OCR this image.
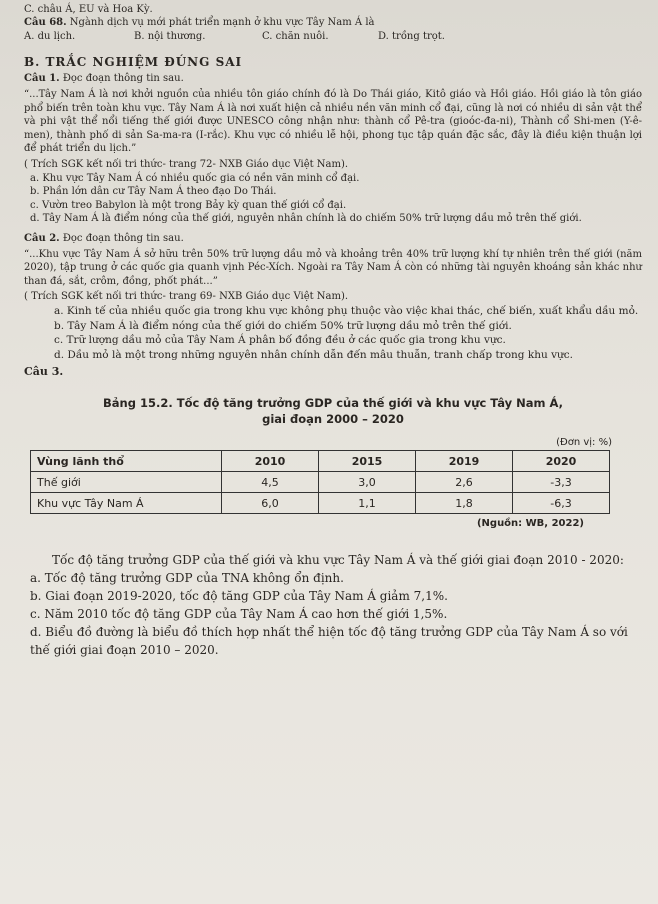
C. châu Á, EU và Hoa Kỳ.
Câu 68. Ngành dịch vụ mới phát triển mạnh ở khu vực Tây Nam Á là
A. du lịch.	B. nội thương.	C. chăn nuôi.	D. trồng trọt.
B. TRẮC NGHIỆM ĐÚNG SAI
Câu 1. Đọc đoạn thông tin sau.

“...Tây Nam Á là nơi khởi nguồn của nhiều tôn giáo chính đó là Do Thái giáo, Kitô giáo và Hồi giáo. Hồi giáo là tôn giáo phổ biến trên toàn khu vực. Tây Nam Á là nơi xuất hiện cả nhiều nền văn minh cổ đại, cũng là nơi có nhiều di sản vật thể và phi vật thể nổi tiếng thế giới được UNESCO công nhận như: thành cổ Pê-tra (gioóc-đa-ni), Thành cổ Shi-men (Y-ê-men), thành phố di sản Sa-ma-ra (I-rắc). Khu vực có nhiều lễ hội, phong tục tập quán đặc sắc, đây là điều kiện thuận lợi để phát triển du lịch.”

( Trích SGK kết nối tri thức- trang 72- NXB Giáo dục Việt Nam).
a. Khu vực Tây Nam Á có nhiều quốc gia có nền văn minh cổ đại.
b. Phần lớn dân cư Tây Nam Á theo đạo Do Thái.
c. Vườn treo Babylon là một trong Bảy kỳ quan thế giới cổ đại.
d. Tây Nam Á là điểm nóng của thế giới, nguyên nhân chính là do chiếm 50% trữ lượng dầu mỏ trên thế giới.
Câu 2. Đọc đoạn thông tin sau.

“...Khu vực Tây Nam Á sở hữu trên 50% trữ lượng dầu mỏ và khoảng trên 40% trữ lượng khí tự nhiên trên thế giới (năm 2020), tập trung ở các quốc gia quanh vịnh Péc-Xích. Ngoài ra Tây Nam Á còn có những tài nguyên khoáng sản khác như than đá, sắt, crôm, đồng, phốt phát...”

( Trích SGK kết nối tri thức- trang 69- NXB Giáo dục Việt Nam).
a. Kinh tế của nhiều quốc gia trong khu vực không phụ thuộc vào việc khai thác, chế biến, xuất khẩu dầu mỏ.
b. Tây Nam Á là điểm nóng của thế giới do chiếm 50% trữ lượng dầu mỏ trên thế giới.
c. Trữ lượng dầu mỏ của Tây Nam Á phân bố đồng đều ở các quốc gia trong khu vực.
d. Dầu mỏ là một trong những nguyên nhân chính dẫn đến mâu thuẫn, tranh chấp trong khu vực.
Câu 3.
Bảng 15.2. Tốc độ tăng trưởng GDP của thế giới và khu vực Tây Nam Á,
giai đoạn 2000 – 2020
(Đơn vị: %)
Vùng lãnh thổ	2010	2015	2019	2020
Thế giới	4,5	3,0	2,6	-3,3
Khu vực Tây Nam Á	6,0	1,1	1,8	-6,3
(Nguồn: WB, 2022)

Tốc độ tăng trưởng GDP của thế giới và khu vực Tây Nam Á và thế giới giai đoạn 2010 - 2020:

a. Tốc độ tăng trưởng GDP của TNA không ổn định.

b. Giai đoạn 2019-2020, tốc độ tăng GDP của Tây Nam Á giảm 7,1%.

c. Năm 2010 tốc độ tăng GDP của Tây Nam Á cao hơn thế giới 1,5%.

d. Biểu đồ đường là biểu đồ thích hợp nhất thể hiện tốc độ tăng trưởng GDP của Tây Nam Á so với thế giới giai đoạn 2010 – 2020.
